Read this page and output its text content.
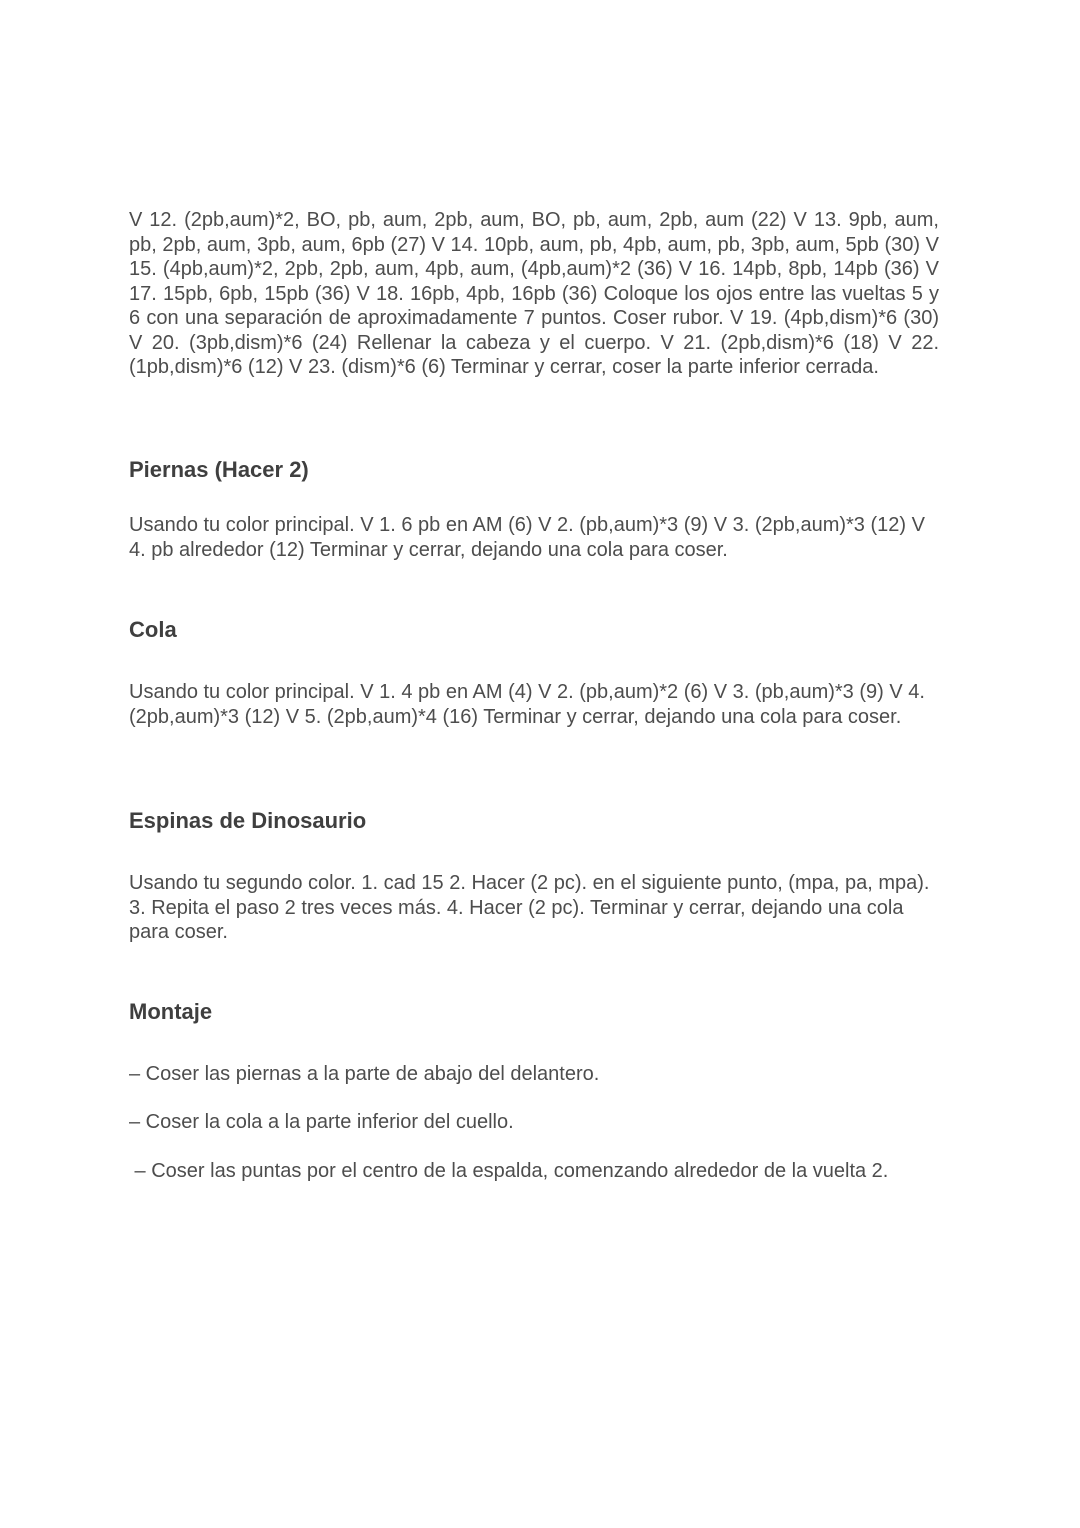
V 12. (2pb,aum)*2, BO, pb, aum, 2pb, aum, BO, pb, aum, 2pb, aum (22) V 13. 9pb, aum, pb, 2pb, aum, 3pb, aum, 6pb (27) V 14. 10pb, aum, pb, 4pb, aum, pb, 3pb, aum, 5pb (30) V 15. (4pb,aum)*2, 2pb, 2pb, aum, 4pb, aum, (4pb,aum)*2 (36) V 16. 14pb, 8pb, 14pb (36) V 17. 15pb, 6pb, 15pb (36) V 18. 16pb, 4pb, 16pb (36) Coloque los ojos entre las vueltas 5 y 6 con una separación de aproximadamente 7 puntos. Coser rubor. V 19. (4pb,dism)*6 (30) V 20. (3pb,dism)*6 (24) Rellenar la cabeza y el cuerpo. V 21. (2pb,dism)*6 (18) V 22. (1pb,dism)*6 (12) V 23. (dism)*6 (6) Terminar y cerrar, coser la parte inferior cerrada.

Piernas (Hacer 2)

Usando tu color principal. V 1. 6 pb en AM (6) V 2. (pb,aum)*3 (9) V 3. (2pb,aum)*3 (12) V 4. pb alrededor (12) Terminar y cerrar, dejando una cola para coser.

Cola

Usando tu color principal. V 1. 4 pb en AM (4) V 2. (pb,aum)*2 (6) V 3. (pb,aum)*3 (9) V 4. (2pb,aum)*3 (12) V 5. (2pb,aum)*4 (16) Terminar y cerrar, dejando una cola para coser.

Espinas de Dinosaurio

Usando tu segundo color. 1. cad 15 2. Hacer (2 pc). en el siguiente punto, (mpa, pa, mpa). 3. Repita el paso 2 tres veces más. 4. Hacer (2 pc). Terminar y cerrar, dejando una cola para coser.

Montaje

– Coser las piernas a la parte de abajo del delantero.

– Coser la cola a la parte inferior del cuello.

– Coser las puntas por el centro de la espalda, comenzando alrededor de la vuelta 2.
